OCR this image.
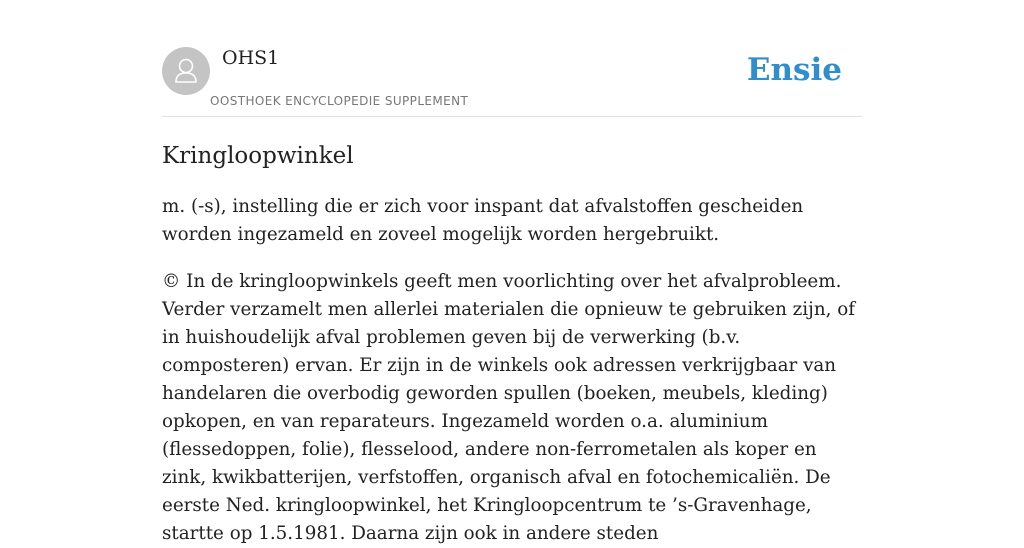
OHS1
OOSTHOEK ENCYCLOPEDIE SUPPLEMENT
Ensie
Kringloopwinkel

m. (-s), instelling die er zich voor inspant dat afvalstoffen gescheiden worden ingezameld en zoveel mogelijk worden hergebruikt.

© In de kringloopwinkels geeft men voorlichting over het afvalprobleem. Verder verzamelt men allerlei materialen die opnieuw te gebruiken zijn, of in huishoudelijk afval problemen geven bij de verwerking (b.v. composteren) ervan. Er zijn in de winkels ook adressen verkrijgbaar van handelaren die overbodig geworden spullen (boeken, meubels, kleding) opkopen, en van reparateurs. Ingezameld worden o.a. aluminium (flessedoppen, folie), flesselood, andere non-ferrometalen als koper en zink, kwikbatterijen, verfstoffen, organisch afval en fotochemicaliën. De eerste Ned. kringloopwinkel, het Kringloopcentrum te ’s-Gravenhage, startte op 1.5.1981. Daarna zijn ook in andere steden
